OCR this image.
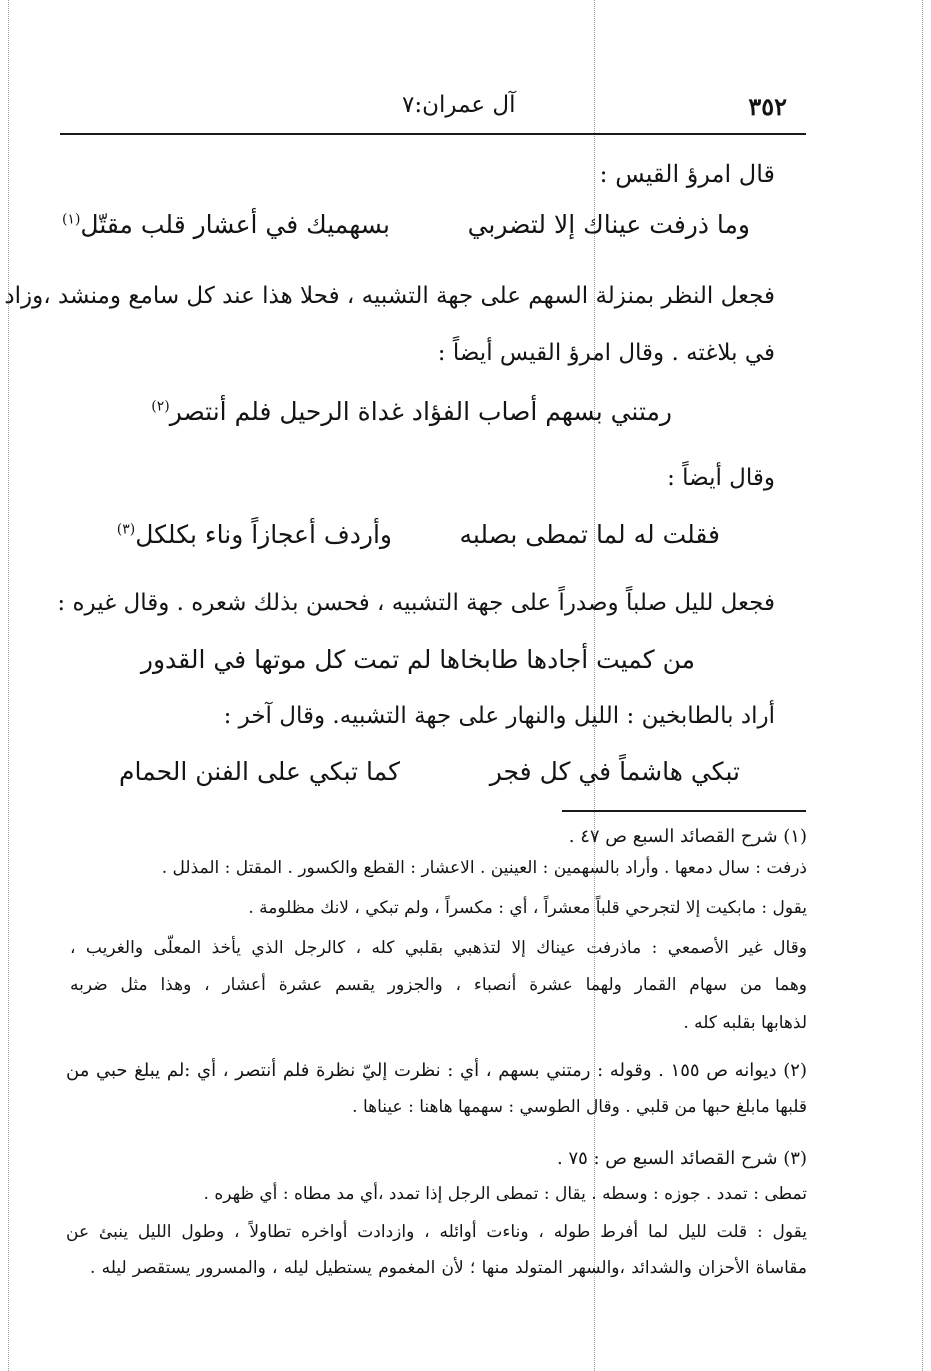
آل عمران:٧	٣٥٢
قال امرؤ القيس :
وما ذرفت عيناك إلا لتضربي
بسهميك في أعشار قلب مقتّل$^{(١)}$
فجعل النظر بمنزلة السهم على جهة التشبيه ، فحلا هذا عند كل سامع ومنشد ،وزاد
في بلاغته . وقال امرؤ القيس أيضاً :
رمتني بسهم أصاب الفؤاد غداة الرحيل فلم أنتصر$^{(٢)}$
وقال أيضاً :
فقلت له لما تمطى بصلبه
وأردف أعجازاً وناء بكلكل$^{(٣)}$
فجعل لليل صلباً وصدراً على جهة التشبيه ، فحسن بذلك شعره . وقال غيره :
من كميت أجادها طابخاها لم تمت كل موتها في القدور
أراد بالطابخين : الليل والنهار على جهة التشبيه. وقال آخر :
تبكي هاشماً في كل فجر
كما تبكي على الفنن الحمام
(١) شرح القصائد السبع ص ٤٧ .
ذرفت : سال دمعها . وأراد بالسهمين : العينين . الاعشار : القطع والكسور . المقتل : المذلل .
يقول : مابكيت إلا لتجرحي قلباً معشراً ، أي : مكسراً ، ولم تبكي ، لانك مظلومة .
وقال غير الأصمعي : ماذرفت عيناك إلا لتذهبي بقلبي كله ، كالرجل الذي يأخذ المعلّى والغريب ،
وهما من سهام القمار ولهما عشرة أنصباء ، والجزور يقسم عشرة أعشار ، وهذا مثل ضربه
لذهابها بقلبه كله .
(٢) ديوانه ص ١٥٥ . وقوله : رمتني بسهم ، أي : نظرت إليّ نظرة فلم أنتصر ، أي :لم يبلغ حبي من
قلبها مابلغ حبها من قلبي . وقال الطوسي : سهمها هاهنا : عيناها .
(٣) شرح القصائد السبع ص : ٧٥ .
تمطى : تمدد . جوزه : وسطه . يقال : تمطى الرجل إذا تمدد ،أي مد مطاه : أي ظهره .
يقول : قلت لليل لما أفرط طوله ، وناءت أوائله ، وازدادت أواخره تطاولاً ، وطول الليل ينبئ عن
مقاساة الأحزان والشدائد ،والسهر المتولد منها ؛ لأن المغموم يستطيل ليله ، والمسرور يستقصر ليله .
